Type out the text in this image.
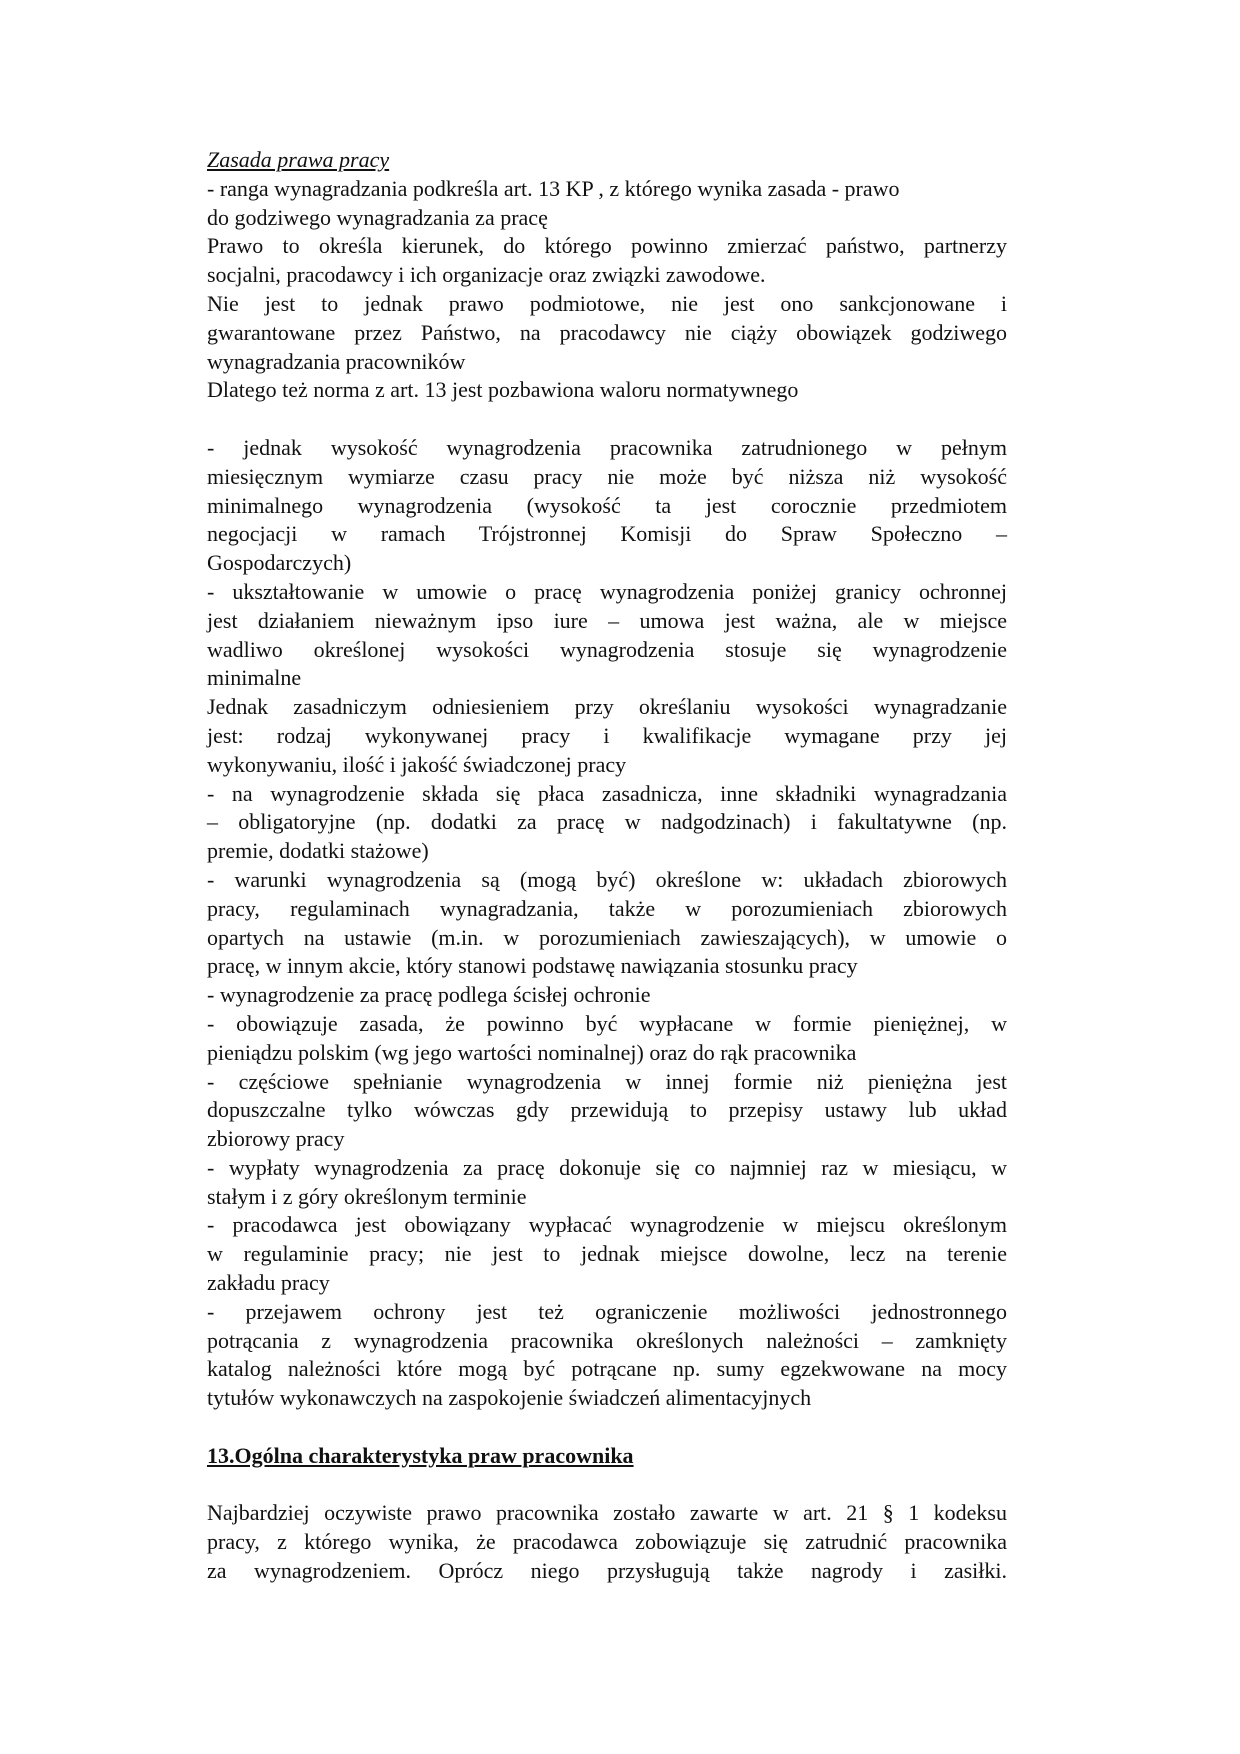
Zasada prawa pracy
- ranga wynagradzania podkreśla art. 13 KP , z którego wynika zasada - prawo
do godziwego wynagradzania za pracę
Prawo to określa kierunek, do którego powinno zmierzać państwo, partnerzy
socjalni, pracodawcy i ich organizacje oraz związki zawodowe.
Nie jest to jednak prawo podmiotowe, nie jest ono sankcjonowane i
gwarantowane przez Państwo, na pracodawcy nie ciąży obowiązek godziwego
wynagradzania pracowników
Dlatego też norma z art. 13 jest pozbawiona waloru normatywnego
- jednak wysokość wynagrodzenia pracownika zatrudnionego w pełnym
miesięcznym wymiarze czasu pracy nie może być niższa niż wysokość
minimalnego wynagrodzenia (wysokość ta jest corocznie przedmiotem
negocjacji w ramach Trójstronnej Komisji do Spraw Społeczno –
Gospodarczych)
- ukształtowanie w umowie o pracę wynagrodzenia poniżej granicy ochronnej
jest działaniem nieważnym ipso iure – umowa jest ważna, ale w miejsce
wadliwo określonej wysokości wynagrodzenia stosuje się wynagrodzenie
minimalne
Jednak zasadniczym odniesieniem przy określaniu wysokości wynagradzanie
jest: rodzaj wykonywanej pracy i kwalifikacje wymagane przy jej
wykonywaniu, ilość i jakość świadczonej pracy
- na wynagrodzenie składa się płaca zasadnicza, inne składniki wynagradzania
– obligatoryjne (np. dodatki za pracę w nadgodzinach) i fakultatywne (np.
premie, dodatki stażowe)
- warunki wynagrodzenia są (mogą być) określone w: układach zbiorowych
pracy, regulaminach wynagradzania, także w porozumieniach zbiorowych
opartych na ustawie (m.in. w porozumieniach zawieszających), w umowie o
pracę, w innym akcie, który stanowi podstawę nawiązania stosunku pracy
- wynagrodzenie za pracę podlega ścisłej ochronie
- obowiązuje zasada, że powinno być wypłacane w formie pieniężnej, w
pieniądzu polskim (wg jego wartości nominalnej) oraz do rąk pracownika
- częściowe spełnianie wynagrodzenia w innej formie niż pieniężna jest
dopuszczalne tylko wówczas gdy przewidują to przepisy ustawy lub układ
zbiorowy pracy
- wypłaty wynagrodzenia za pracę dokonuje się co najmniej raz w miesiącu, w
stałym i z góry określonym terminie
- pracodawca jest obowiązany wypłacać wynagrodzenie w miejscu określonym
w regulaminie pracy; nie jest to jednak miejsce dowolne, lecz na terenie
zakładu pracy
- przejawem ochrony jest też ograniczenie możliwości jednostronnego
potrącania z wynagrodzenia pracownika określonych należności – zamknięty
katalog należności które mogą być potrącane np. sumy egzekwowane na mocy
tytułów wykonawczych na zaspokojenie świadczeń alimentacyjnych
13.Ogólna charakterystyka praw pracownika
Najbardziej oczywiste prawo pracownika zostało zawarte w art. 21 § 1 kodeksu
pracy, z którego wynika, że pracodawca zobowiązuje się zatrudnić pracownika
za wynagrodzeniem. Oprócz niego przysługują także nagrody i zasiłki.
